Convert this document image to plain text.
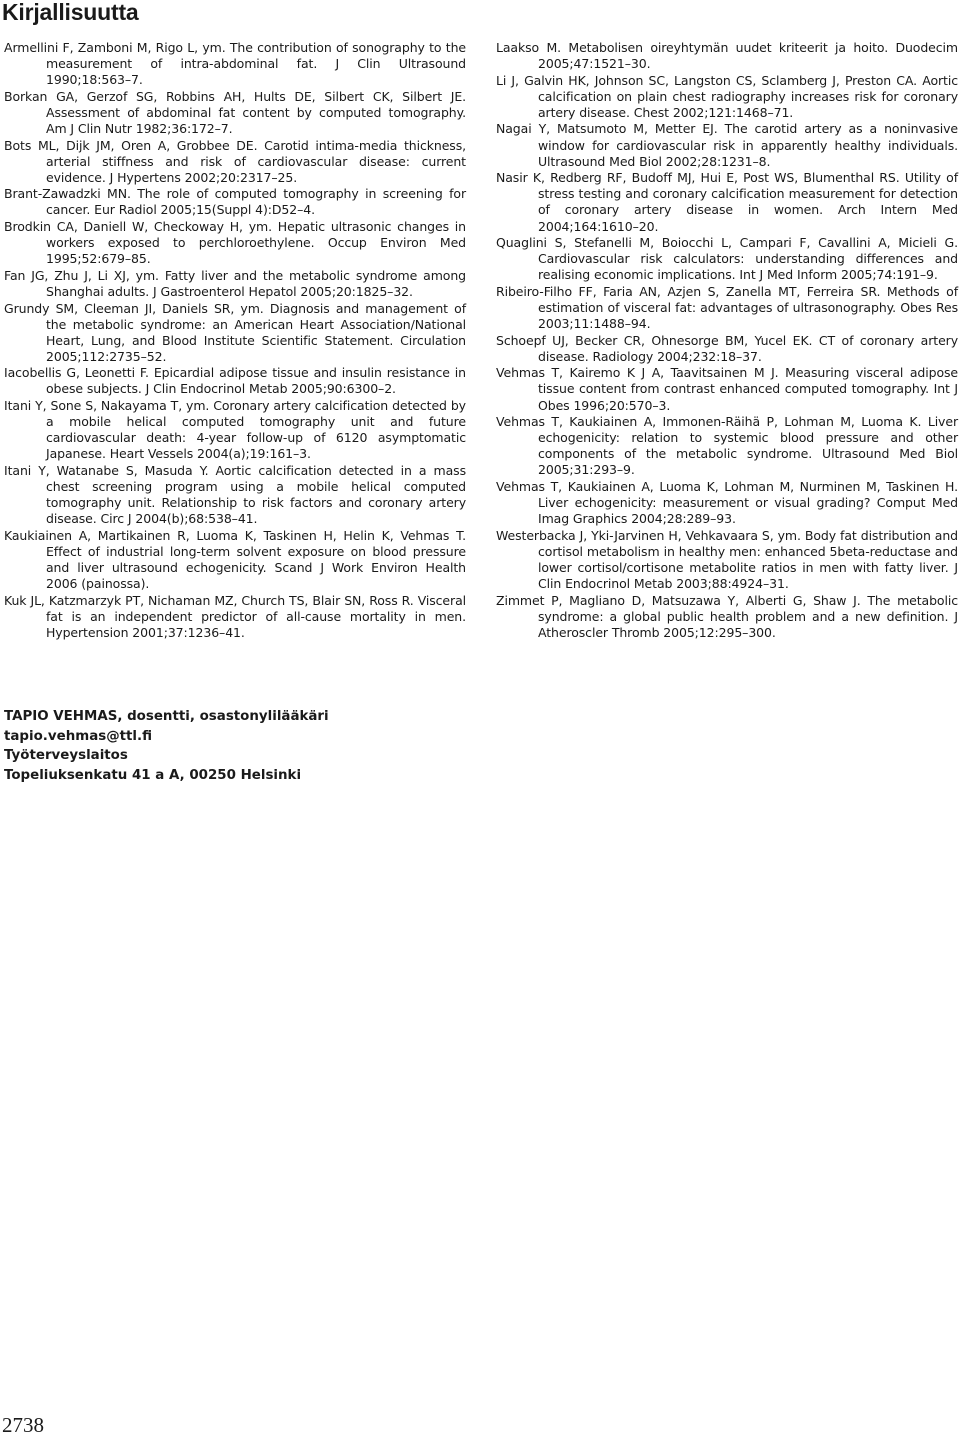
Kirjallisuutta

Armellini F, Zamboni M, Rigo L, ym. The contribution of sonography to the measurement of intra-abdominal fat. J Clin Ultrasound 1990;18:563–7.

Borkan GA, Gerzof SG, Robbins AH, Hults DE, Silbert CK, Silbert JE. Assessment of abdominal fat content by computed tomography. Am J Clin Nutr 1982;36:172–7.

Bots ML, Dijk JM, Oren A, Grobbee DE. Carotid intima-media thickness, arterial stiffness and risk of cardiovascular disease: current evidence. J Hypertens 2002;20:2317–25.

Brant-Zawadzki MN. The role of computed tomography in screening for cancer. Eur Radiol 2005;15(Suppl 4):D52–4.

Brodkin CA, Daniell W, Checkoway H, ym. Hepatic ultrasonic changes in workers exposed to perchloroethylene. Occup Environ Med 1995;52:679–85.

Fan JG, Zhu J, Li XJ, ym. Fatty liver and the metabolic syndrome among Shanghai adults. J Gastroenterol Hepatol 2005;20:1825–32.

Grundy SM, Cleeman JI, Daniels SR, ym. Diagnosis and management of the metabolic syndrome: an American Heart Association/National Heart, Lung, and Blood Institute Scientific Statement. Circulation 2005;112:2735–52.

Iacobellis G, Leonetti F. Epicardial adipose tissue and insulin resistance in obese subjects. J Clin Endocrinol Metab 2005;90:6300–2.

Itani Y, Sone S, Nakayama T, ym. Coronary artery calcification detected by a mobile helical computed tomography unit and future cardiovascular death: 4-year follow-up of 6120 asymptomatic Japanese. Heart Vessels 2004(a);19:161–3.

Itani Y, Watanabe S, Masuda Y. Aortic calcification detected in a mass chest screening program using a mobile helical computed tomography unit. Relationship to risk factors and coronary artery disease. Circ J 2004(b);68:538–41.

Kaukiainen A, Martikainen R, Luoma K, Taskinen H, Helin K, Vehmas T. Effect of industrial long-term solvent exposure on blood pressure and liver ultrasound echogenicity. Scand J Work Environ Health 2006 (painossa).

Kuk JL, Katzmarzyk PT, Nichaman MZ, Church TS, Blair SN, Ross R. Visceral fat is an independent predictor of all-cause mortality in men. Hypertension 2001;37:1236–41.

Laakso M. Metabolisen oireyhtymän uudet kriteerit ja hoito. Duodecim 2005;47:1521–30.

Li J, Galvin HK, Johnson SC, Langston CS, Sclamberg J, Preston CA. Aortic calcification on plain chest radiography increases risk for coronary artery disease. Chest 2002;121:1468–71.

Nagai Y, Matsumoto M, Metter EJ. The carotid artery as a noninvasive window for cardiovascular risk in apparently healthy individuals. Ultrasound Med Biol 2002;28:1231–8.

Nasir K, Redberg RF, Budoff MJ, Hui E, Post WS, Blumenthal RS. Utility of stress testing and coronary calcification measurement for detection of coronary artery disease in women. Arch Intern Med 2004;164:1610–20.

Quaglini S, Stefanelli M, Boiocchi L, Campari F, Cavallini A, Micieli G. Cardiovascular risk calculators: understanding differences and realising economic implications. Int J Med Inform 2005;74:191–9.

Ribeiro-Filho FF, Faria AN, Azjen S, Zanella MT, Ferreira SR. Methods of estimation of visceral fat: advantages of ultrasonography. Obes Res 2003;11:1488–94.

Schoepf UJ, Becker CR, Ohnesorge BM, Yucel EK. CT of coronary artery disease. Radiology 2004;232:18–37.

Vehmas T, Kairemo K J A, Taavitsainen M J. Measuring visceral adipose tissue content from contrast enhanced computed tomography. Int J Obes 1996;20:570–3.

Vehmas T, Kaukiainen A, Immonen-Räihä P, Lohman M, Luoma K. Liver echogenicity: relation to systemic blood pressure and other components of the metabolic syndrome. Ultrasound Med Biol 2005;31:293–9.

Vehmas T, Kaukiainen A, Luoma K, Lohman M, Nurminen M, Taskinen H. Liver echogenicity: measurement or visual grading? Comput Med Imag Graphics 2004;28:289–93.

Westerbacka J, Yki-Jarvinen H, Vehkavaara S, ym. Body fat distribution and cortisol metabolism in healthy men: enhanced 5beta-reductase and lower cortisol/cortisone metabolite ratios in men with fatty liver. J Clin Endocrinol Metab 2003;88:4924–31.

Zimmet P, Magliano D, Matsuzawa Y, Alberti G, Shaw J. The metabolic syndrome: a global public health problem and a new definition. J Atheroscler Thromb 2005;12:295–300.

TAPIO VEHMAS, dosentti, osastonylilääkäri
tapio.vehmas@ttl.fi
Työterveyslaitos
Topeliuksenkatu 41 a A, 00250 Helsinki
2738
